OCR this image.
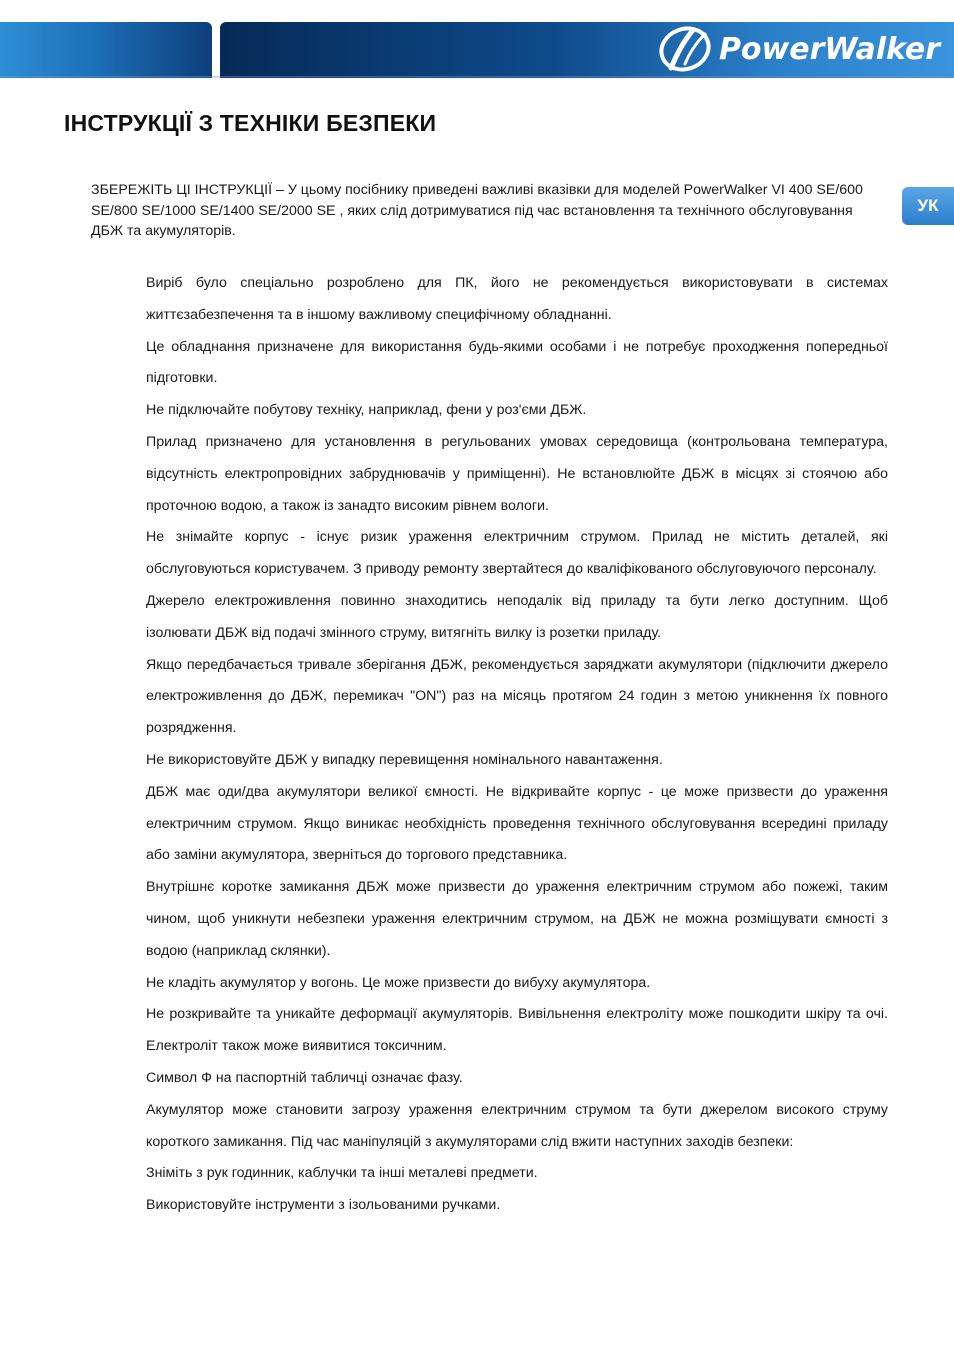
PowerWalker
ІНСТРУКЦІЇ З ТЕХНІКИ БЕЗПЕКИ
УК

ЗБЕРЕЖІТЬ ЦІ ІНСТРУКЦІЇ – У цьому посібнику приведені важливі вказівки для моделей PowerWalker VI 400 SE/600 SE/800 SE/1000 SE/1400 SE/2000 SE , яких слід дотримуватися під час встановлення та технічного обслуговування ДБЖ та акумуляторів.

Виріб було спеціально розроблено для ПК, його не рекомендується використовувати в системах життєзабезпечення та в іншому важливому специфічному обладнанні.

Це обладнання призначене для використання будь-якими особами і не потребує проходження попередньої підготовки.

Не підключайте побутову техніку, наприклад, фени у роз'єми ДБЖ.

Прилад призначено для установлення в регульованих умовах середовища (контрольована температура, відсутність електропровідних забруднювачів у приміщенні). Не встановлюйте ДБЖ в місцях зі стоячою або проточною водою, а також із занадто високим рівнем вологи.

Не знімайте корпус - існує ризик ураження електричним струмом. Прилад не містить деталей, які обслуговуються користувачем. З приводу ремонту звертайтеся до кваліфікованого обслуговуючого персоналу.

Джерело електроживлення повинно знаходитись неподалік від приладу та бути легко доступним. Щоб ізолювати ДБЖ від подачі змінного струму, витягніть вилку із розетки приладу.

Якщо передбачається тривале зберігання ДБЖ, рекомендується заряджати акумулятори (підключити джерело електроживлення до ДБЖ, перемикач "ON") раз на місяць протягом 24 годин з метою уникнення їх повного розрядження.

Не використовуйте ДБЖ у випадку перевищення номінального навантаження.

ДБЖ має оди/два акумулятори великої ємності. Не відкривайте корпус - це може призвести до ураження електричним струмом. Якщо виникає необхідність проведення технічного обслуговування всередині приладу або заміни акумулятора, зверніться до торгового представника.

Внутрішнє коротке замикання ДБЖ може призвести до ураження електричним струмом або пожежі, таким чином, щоб уникнути небезпеки ураження електричним струмом, на ДБЖ не можна розміщувати ємності з водою (наприклад склянки).

Не кладіть акумулятор у вогонь. Це може призвести до вибуху акумулятора.

Не розкривайте та уникайте деформації акумуляторів. Вивільнення електроліту може пошкодити шкіру та очі. Електроліт також може виявитися токсичним.

Символ Ф на паспортній табличці означає фазу.

Акумулятор може становити загрозу ураження електричним струмом та бути джерелом високого струму короткого замикання. Під час маніпуляцій з акумуляторами слід вжити наступних заходів безпеки:

Зніміть з рук годинник, каблучки та інші металеві предмети.

Використовуйте інструменти з ізольованими ручками.
